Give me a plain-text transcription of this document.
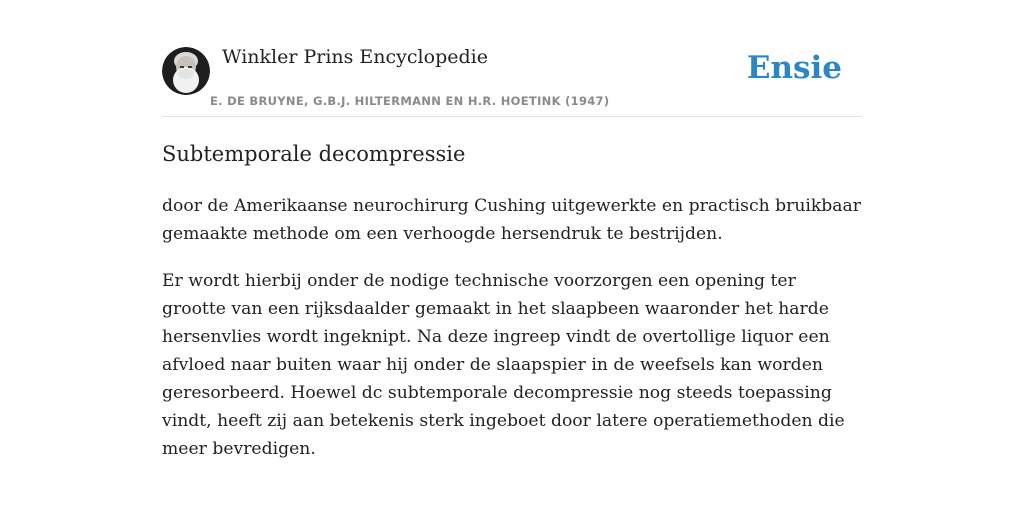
Winkler Prins Encyclopedie
E. DE BRUYNE, G.B.J. HILTERMANN EN H.R. HOETINK (1947)
Ensie
Subtemporale decompressie

door de Amerikaanse neurochirurg Cushing uitgewerkte en practisch bruikbaar gemaakte methode om een verhoogde hersendruk te bestrijden.

Er wordt hierbij onder de nodige technische voorzorgen een opening ter grootte van een rijksdaalder gemaakt in het slaapbeen waaronder het harde hersenvlies wordt ingeknipt. Na deze ingreep vindt de overtollige liquor een afvloed naar buiten waar hij onder de slaapspier in de weefsels kan worden geresorbeerd. Hoewel dc subtemporale decompressie nog steeds toepassing vindt, heeft zij aan betekenis sterk ingeboet door latere operatiemethoden die meer bevredigen.
